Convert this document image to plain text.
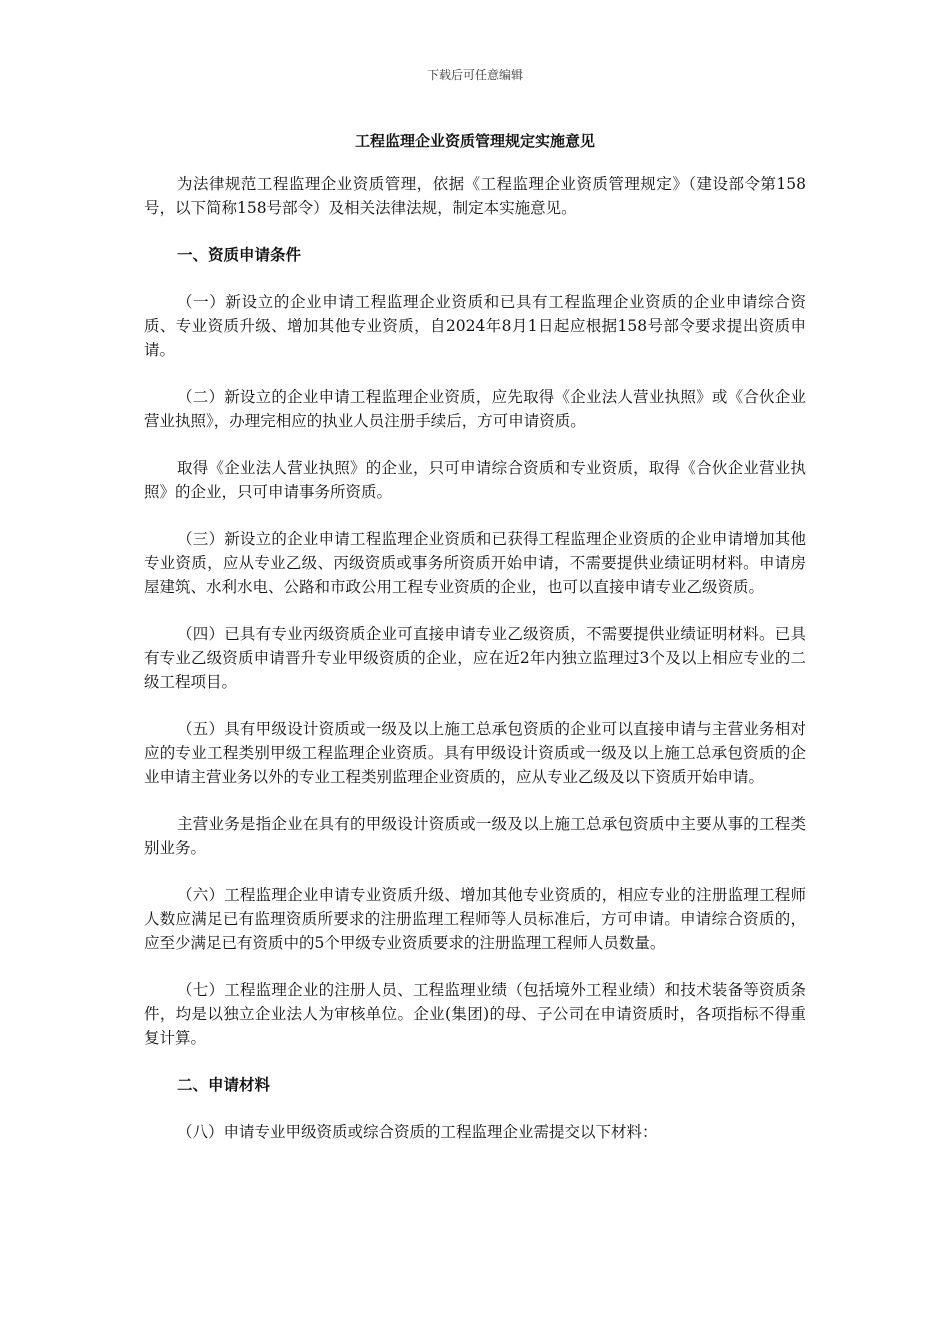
下载后可任意编辑
工程监理企业资质管理规定实施意见

为法律规范工程监理企业资质管理，依据《工程监理企业资质管理规定》（建设部令第158号，以下简称158号部令）及相关法律法规，制定本实施意见。

一、资质申请条件

（一）新设立的企业申请工程监理企业资质和已具有工程监理企业资质的企业申请综合资质、专业资质升级、增加其他专业资质，自2024年8月1日起应根据158号部令要求提出资质申请。

（二）新设立的企业申请工程监理企业资质，应先取得《企业法人营业执照》或《合伙企业营业执照》，办理完相应的执业人员注册手续后，方可申请资质。

取得《企业法人营业执照》的企业，只可申请综合资质和专业资质，取得《合伙企业营业执照》的企业，只可申请事务所资质。

（三）新设立的企业申请工程监理企业资质和已获得工程监理企业资质的企业申请增加其他专业资质，应从专业乙级、丙级资质或事务所资质开始申请，不需要提供业绩证明材料。申请房屋建筑、水利水电、公路和市政公用工程专业资质的企业，也可以直接申请专业乙级资质。

（四）已具有专业丙级资质企业可直接申请专业乙级资质，不需要提供业绩证明材料。已具有专业乙级资质申请晋升专业甲级资质的企业，应在近2年内独立监理过3个及以上相应专业的二级工程项目。

（五）具有甲级设计资质或一级及以上施工总承包资质的企业可以直接申请与主营业务相对应的专业工程类别甲级工程监理企业资质。具有甲级设计资质或一级及以上施工总承包资质的企业申请主营业务以外的专业工程类别监理企业资质的，应从专业乙级及以下资质开始申请。

主营业务是指企业在具有的甲级设计资质或一级及以上施工总承包资质中主要从事的工程类别业务。

（六）工程监理企业申请专业资质升级、增加其他专业资质的，相应专业的注册监理工程师人数应满足已有监理资质所要求的注册监理工程师等人员标准后，方可申请。申请综合资质的，应至少满足已有资质中的5个甲级专业资质要求的注册监理工程师人员数量。

（七）工程监理企业的注册人员、工程监理业绩（包括境外工程业绩）和技术装备等资质条件，均是以独立企业法人为审核单位。企业(集团)的母、子公司在申请资质时，各项指标不得重复计算。

二、申请材料

（八）申请专业甲级资质或综合资质的工程监理企业需提交以下材料：
